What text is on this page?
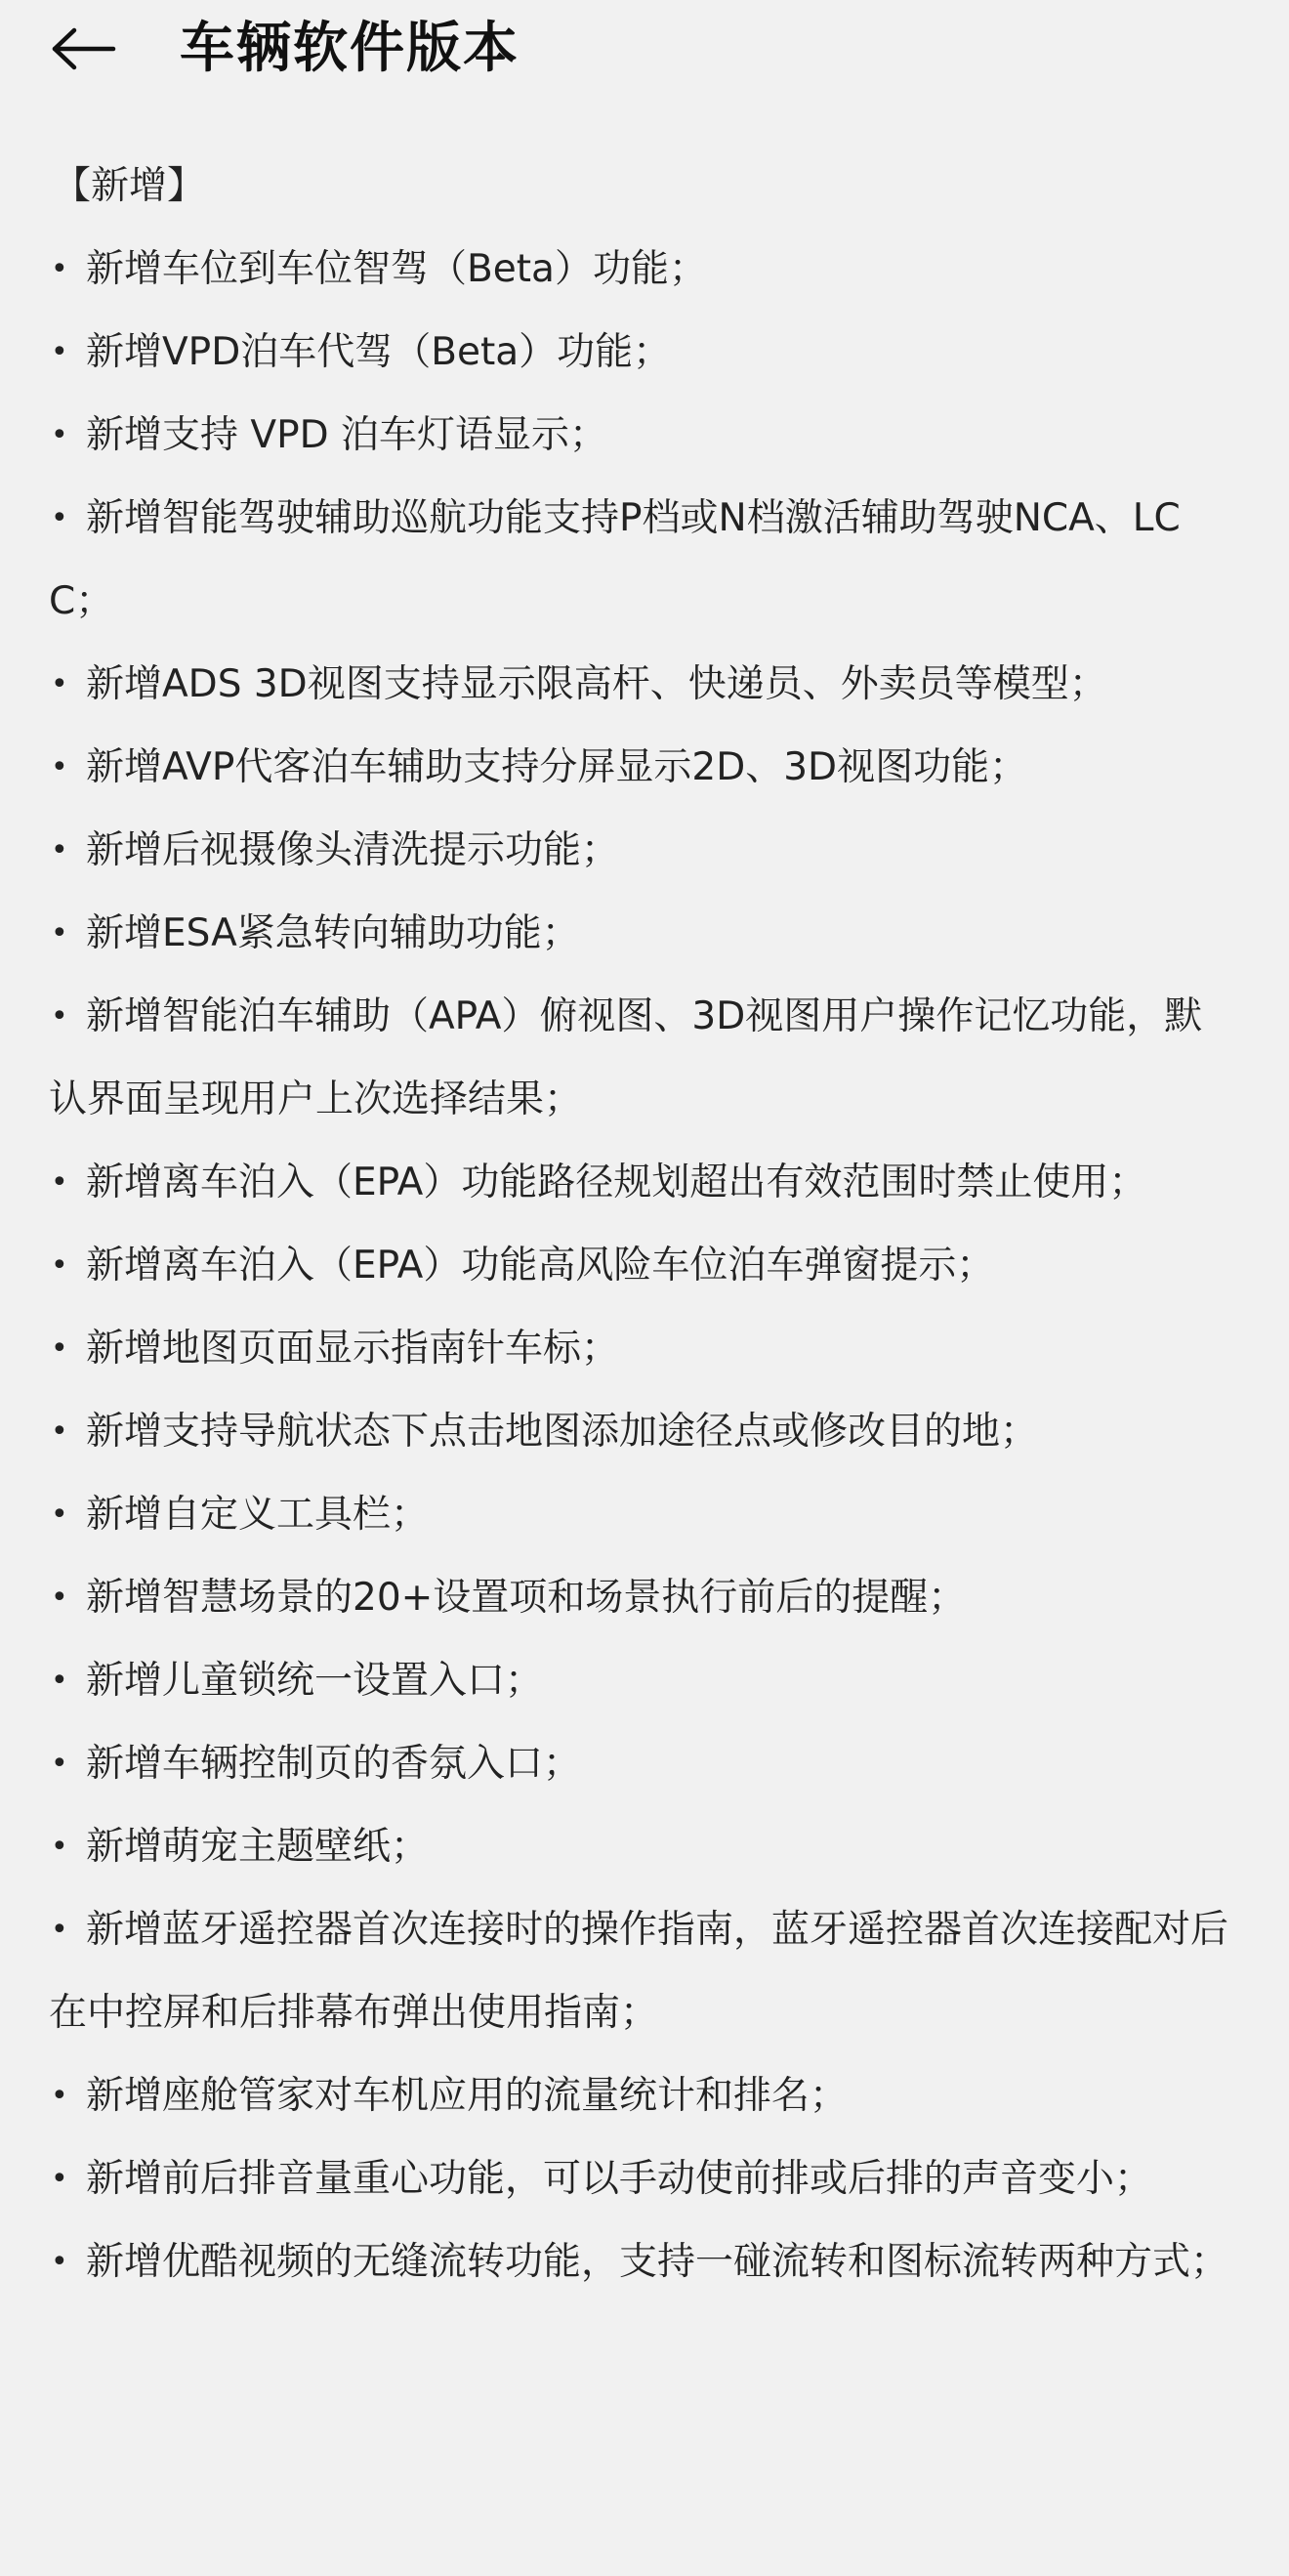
车辆软件版本
【新增】
• 新增车位到车位智驾（Beta）功能；
• 新增VPD泊车代驾（Beta）功能；
• 新增支持 VPD 泊车灯语显示；
• 新增智能驾驶辅助巡航功能支持P档或N档激活辅助驾驶NCA、LCC；
• 新增ADS 3D视图支持显示限高杆、快递员、外卖员等模型；
• 新增AVP代客泊车辅助支持分屏显示2D、3D视图功能；
• 新增后视摄像头清洗提示功能；
• 新增ESA紧急转向辅助功能；
• 新增智能泊车辅助（APA）俯视图、3D视图用户操作记忆功能，默认界面呈现用户上次选择结果；
• 新增离车泊入（EPA）功能路径规划超出有效范围时禁止使用；
• 新增离车泊入（EPA）功能高风险车位泊车弹窗提示；
• 新增地图页面显示指南针车标；
• 新增支持导航状态下点击地图添加途径点或修改目的地；
• 新增自定义工具栏；
• 新增智慧场景的20+设置项和场景执行前后的提醒；
• 新增儿童锁统一设置入口；
• 新增车辆控制页的香氛入口；
• 新增萌宠主题壁纸；
• 新增蓝牙遥控器首次连接时的操作指南，蓝牙遥控器首次连接配对后在中控屏和后排幕布弹出使用指南；
• 新增座舱管家对车机应用的流量统计和排名；
• 新增前后排音量重心功能，可以手动使前排或后排的声音变小；
• 新增优酷视频的无缝流转功能，支持一碰流转和图标流转两种方式；
